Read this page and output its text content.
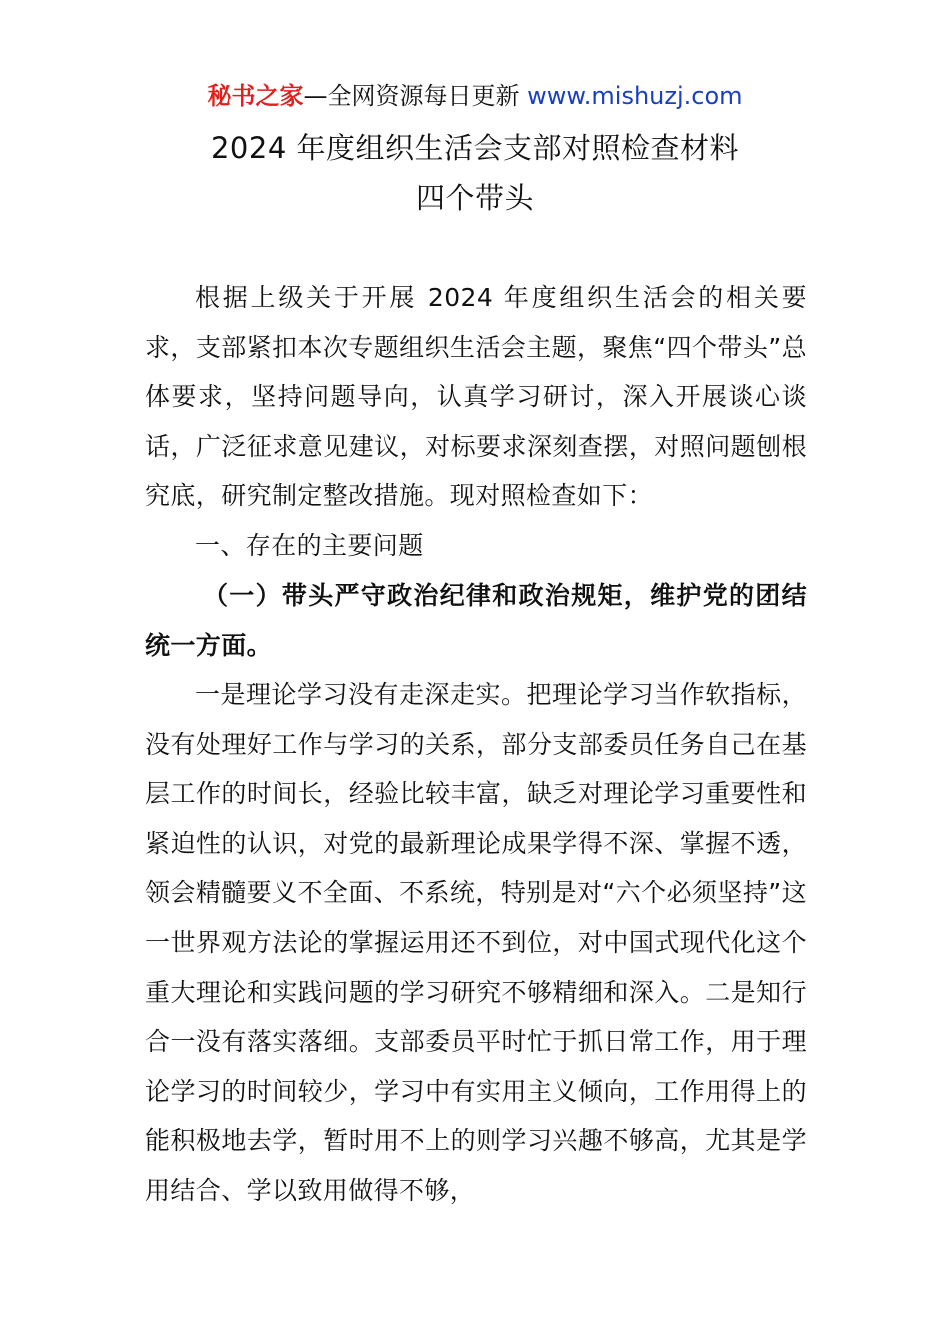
秘书之家—全网资源每日更新 www.mishuzj.com
2024 年度组织生活会支部对照检查材料
四个带头
根据上级关于开展 2024 年度组织生活会的相关要求，支部紧扣本次专题组织生活会主题，聚焦“四个带头”总体要求，坚持问题导向，认真学习研讨，深入开展谈心谈话，广泛征求意见建议，对标要求深刻查摆，对照问题刨根究底，研究制定整改措施。现对照检查如下：
一、存在的主要问题
（一）带头严守政治纪律和政治规矩，维护党的团结统一方面。
一是理论学习没有走深走实。把理论学习当作软指标，没有处理好工作与学习的关系，部分支部委员任务自己在基层工作的时间长，经验比较丰富，缺乏对理论学习重要性和紧迫性的认识，对党的最新理论成果学得不深、掌握不透，领会精髓要义不全面、不系统，特别是对“六个必须坚持”这一世界观方法论的掌握运用还不到位，对中国式现代化这个重大理论和实践问题的学习研究不够精细和深入。二是知行合一没有落实落细。支部委员平时忙于抓日常工作，用于理论学习的时间较少，学习中有实用主义倾向，工作用得上的能积极地去学，暂时用不上的则学习兴趣不够高，尤其是学用结合、学以致用做得不够，
